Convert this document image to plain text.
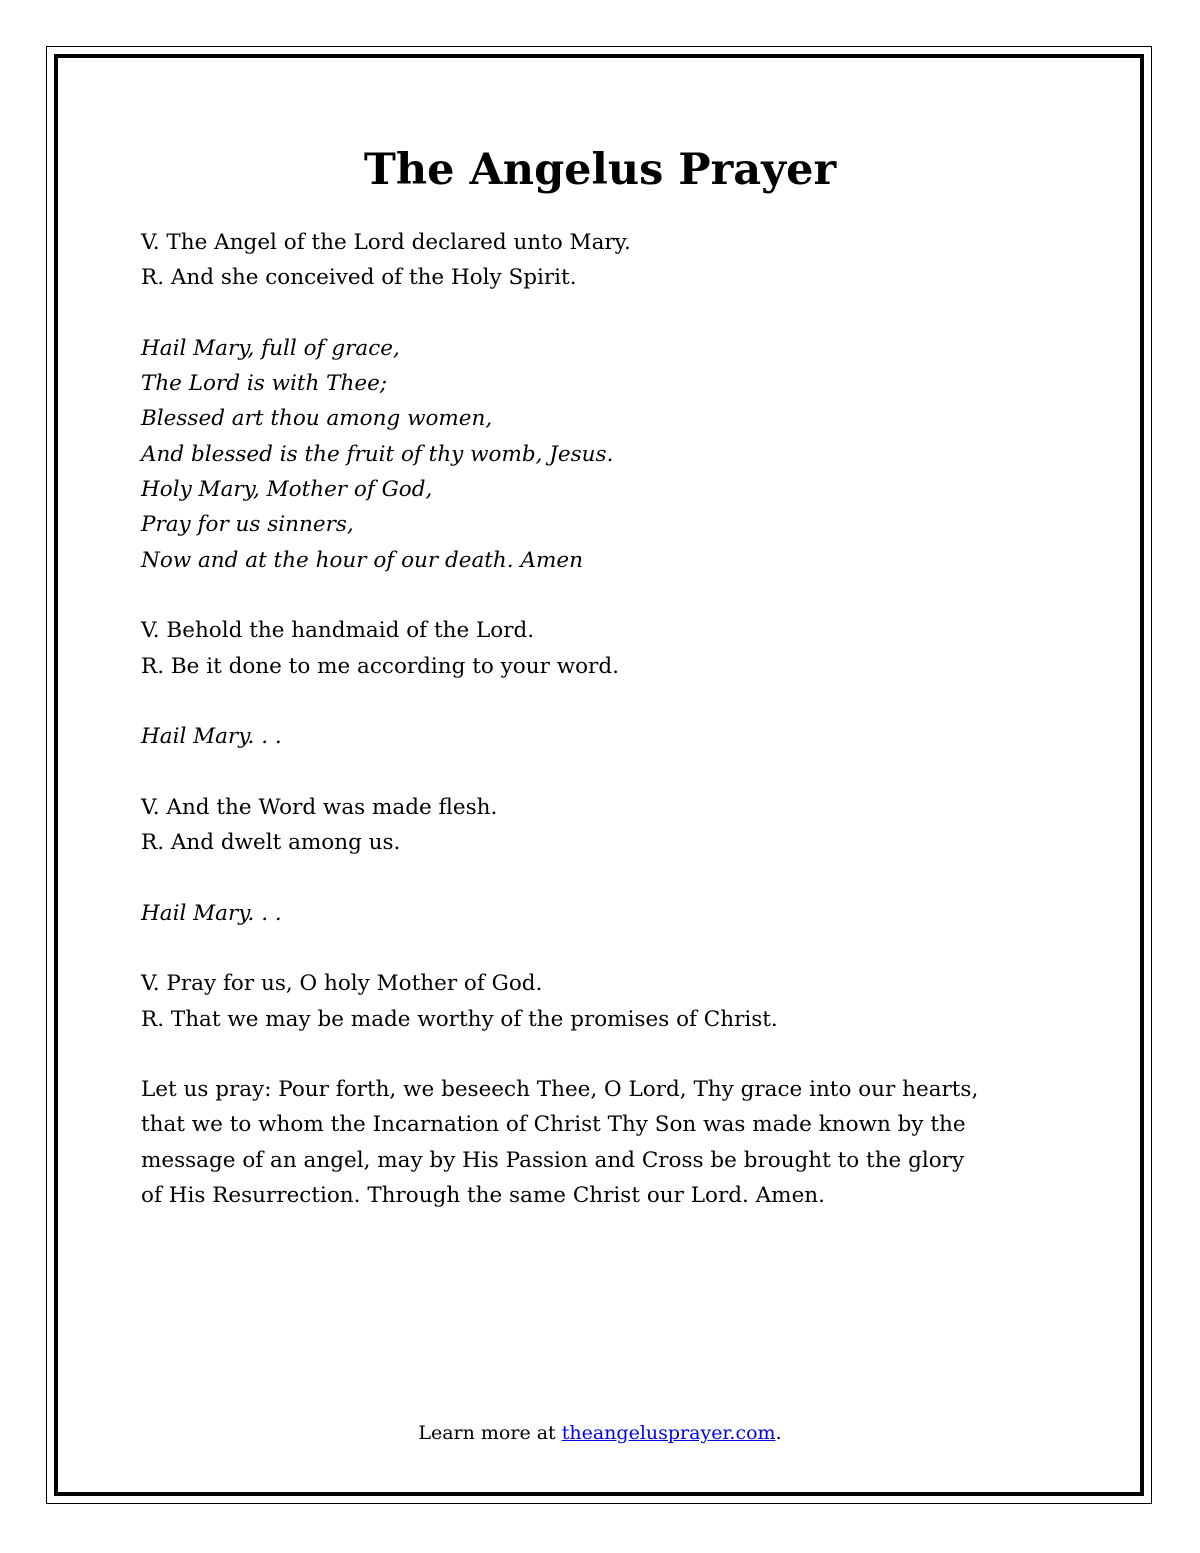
The Angelus Prayer
V. The Angel of the Lord declared unto Mary.
R. And she conceived of the Holy Spirit.
Hail Mary, full of grace,
The Lord is with Thee;
Blessed art thou among women,
And blessed is the fruit of thy womb, Jesus.
Holy Mary, Mother of God,
Pray for us sinners,
Now and at the hour of our death. Amen
V. Behold the handmaid of the Lord.
R. Be it done to me according to your word.
Hail Mary. . .
V. And the Word was made flesh.
R. And dwelt among us.
Hail Mary. . .
V. Pray for us, O holy Mother of God.
R. That we may be made worthy of the promises of Christ.
Let us pray: Pour forth, we beseech Thee, O Lord, Thy grace into our hearts,
that we to whom the Incarnation of Christ Thy Son was made known by the
message of an angel, may by His Passion and Cross be brought to the glory
of His Resurrection. Through the same Christ our Lord. Amen.
Learn more at theangelusprayer.com.
